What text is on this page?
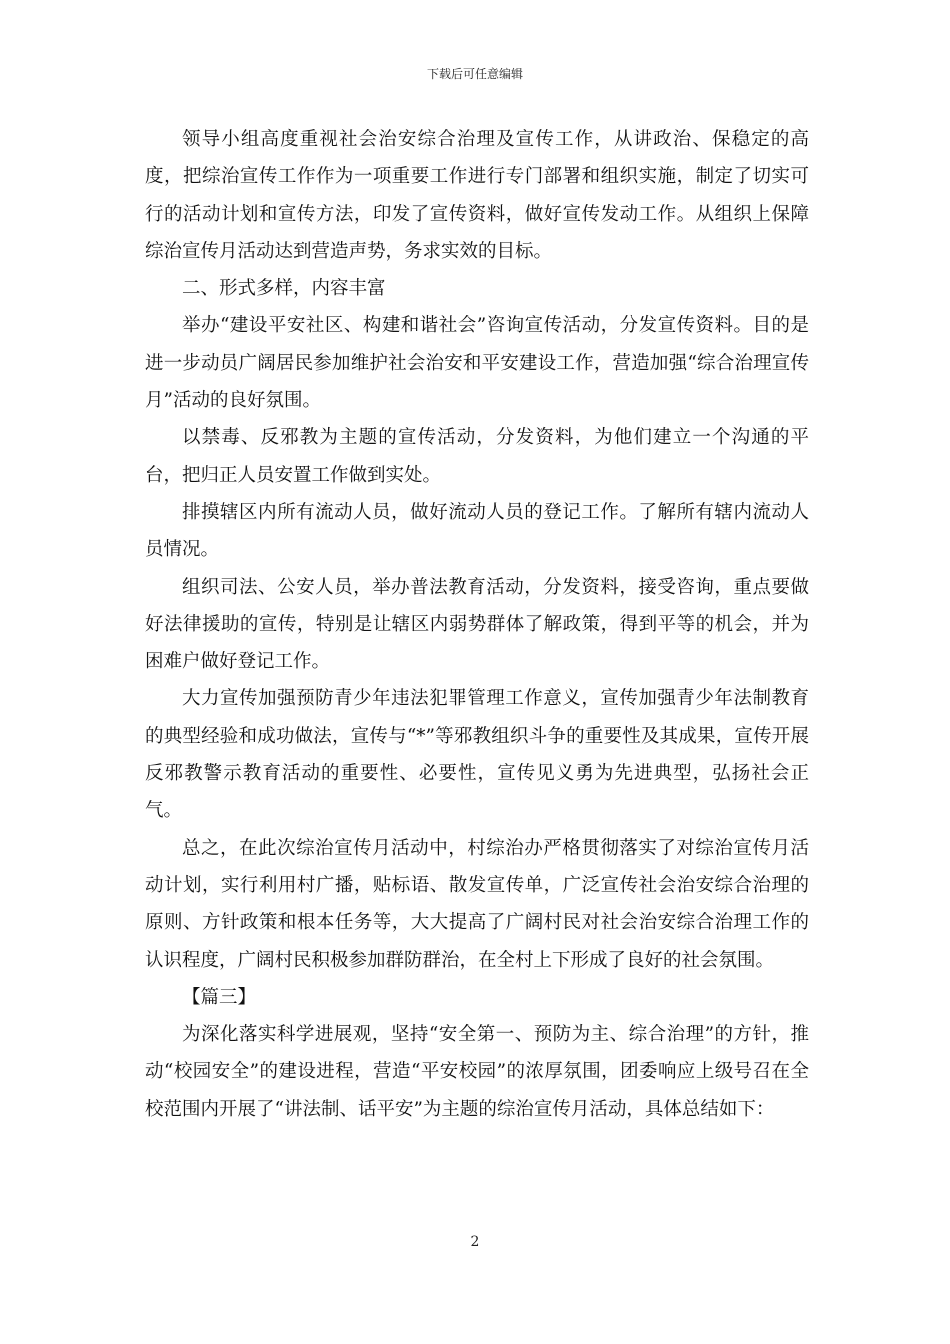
下载后可任意编辑

领导小组高度重视社会治安综合治理及宣传工作，从讲政治、保稳定的高度，把综治宣传工作作为一项重要工作进行专门部署和组织实施，制定了切实可行的活动计划和宣传方法，印发了宣传资料，做好宣传发动工作。从组织上保障综治宣传月活动达到营造声势，务求实效的目标。

二、形式多样，内容丰富

举办“建设平安社区、构建和谐社会”咨询宣传活动，分发宣传资料。目的是进一步动员广阔居民参加维护社会治安和平安建设工作，营造加强“综合治理宣传月”活动的良好氛围。

以禁毒、反邪教为主题的宣传活动，分发资料，为他们建立一个沟通的平台，把归正人员安置工作做到实处。

排摸辖区内所有流动人员，做好流动人员的登记工作。了解所有辖内流动人员情况。

组织司法、公安人员，举办普法教育活动，分发资料，接受咨询，重点要做好法律援助的宣传，特别是让辖区内弱势群体了解政策，得到平等的机会，并为困难户做好登记工作。

大力宣传加强预防青少年违法犯罪管理工作意义，宣传加强青少年法制教育的典型经验和成功做法，宣传与“*”等邪教组织斗争的重要性及其成果，宣传开展反邪教警示教育活动的重要性、必要性，宣传见义勇为先进典型，弘扬社会正气。

总之，在此次综治宣传月活动中，村综治办严格贯彻落实了对综治宣传月活动计划，实行利用村广播，贴标语、散发宣传单，广泛宣传社会治安综合治理的原则、方针政策和根本任务等，大大提高了广阔村民对社会治安综合治理工作的认识程度，广阔村民积极参加群防群治，在全村上下形成了良好的社会氛围。

【篇三】

为深化落实科学进展观，坚持“安全第一、预防为主、综合治理”的方针，推动“校园安全”的建设进程，营造“平安校园”的浓厚氛围，团委响应上级号召在全校范围内开展了“讲法制、话平安”为主题的综治宣传月活动，具体总结如下：

2
